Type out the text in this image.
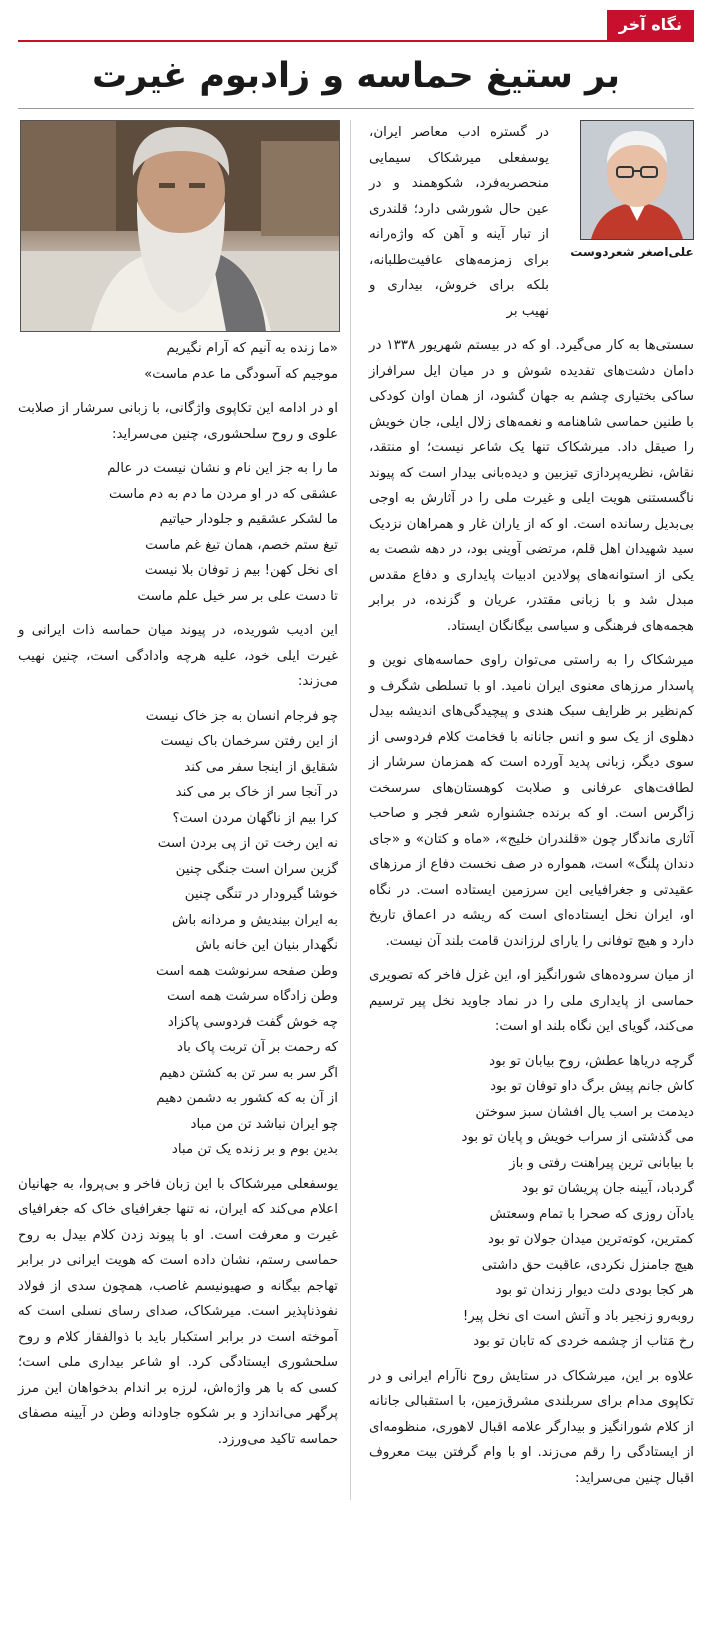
نگاه آخر
بر ستیغ حماسه و زادبوم غیرت
علی‌اصغر شعردوست

در گستره ادب معاصر ایران، یوسفعلی میرشکاک سیمایی منحصربه‌فرد، شکوهمند و در عین حال شورشی دارد؛ قلندری از تبار آینه و آهن که واژه‌رانه برای زمزمه‌های عافیت‌طلبانه، بلکه برای خروش، بیداری و نهیب بر

سستی‌ها به کار می‌گیرد. او که در بیستم شهریور ۱۳۳۸ در دامان دشت‌های تفدیده شوش و در میان ایل سرافراز ساکی بختیاری چشم به جهان گشود، از همان اوان کودکی با طنین حماسی شاهنامه و نغمه‌های زلال ایلی، جان خویش را صیقل داد. میرشکاک تنها یک شاعر نیست؛ او منتقد، نقاش، نظریه‌پردازی تیزبین و دیده‌بانی بیدار است که پیوند ناگسستنی هویت ایلی و غیرت ملی را در آثارش به اوجی بی‌بدیل رسانده است. او که از یاران غار و همراهان نزدیک سید شهیدان اهل قلم، مرتضی آوینی بود، در دهه شصت به یکی از استوانه‌های پولادین ادبیات پایداری و دفاع مقدس مبدل شد و با زبانی مقتدر، عریان و گزنده، در برابر هجمه‌های فرهنگی و سیاسی بیگانگان ایستاد.

میرشکاک را به راستی می‌توان راوی حماسه‌های نوین و پاسدار مرزهای معنوی ایران نامید. او با تسلطی شگرف و کم‌نظیر بر ظرایف سبک هندی و پیچیدگی‌های اندیشه بیدل دهلوی از یک سو و انس جانانه با فخامت کلام فردوسی از سوی دیگر، زبانی پدید آورده است که همزمان سرشار از لطافت‌های عرفانی و صلابت کوهستان‌های سرسخت زاگرس است. او که برنده جشنواره شعر فجر و صاحب آثاری ماندگار چون «قلندران خلیج»، «ماه و کتان» و «جای دندان پلنگ» است، همواره در صف نخست دفاع از مرزهای عقیدتی و جغرافیایی این سرزمین ایستاده است. در نگاه او، ایران نخل ایستاده‌ای است که ریشه در اعماق تاریخ دارد و هیچ توفانی را یارای لرزاندن قامت بلند آن نیست.

از میان سروده‌های شورانگیز او، این غزل فاخر که تصویری حماسی از پایداری ملی را در نماد جاوید نخل پیر ترسیم می‌کند، گویای این نگاه بلند او است:

گرچه دریاها عطش، روح بیابان تو بود
کاش جانم پیش برگ داو توفان تو بود
دیدمت بر اسب یال افشان سبز سوختن
می گذشتی از سراب خویش و پایان تو بود
با بیابانی ترین پیراهنت رفتی و باز
گردباد، آیینه جان پریشان تو بود
یادآن روزی که صحرا با تمام وسعتش
کمترین، کوته‌ترین میدان جولان تو بود
هیچ جامنزل نکردی، عاقبت حق داشتی
هر کجا بودی دلت دیوار زندان تو بود
روبه‌رو زنجیر باد و آتش است ای نخل پیر!
رخ مَتاب از چشمه خردی که تابان تو بود

علاوه بر این، میرشکاک در ستایش روح ناآرام ایرانی و در تکاپوی مدام برای سربلندی مشرق‌زمین، با استقبالی جانانه از کلام شورانگیز و بیدارگر علامه اقبال لاهوری، منظومه‌ای از ایستادگی را رقم می‌زند. او با وام گرفتن بیت معروف اقبال چنین می‌سراید:

«ما زنده به آنیم که آرام نگیریم
موجیم که آسودگی ما عدم ماست»

او در ادامه این تکاپوی واژگانی، با زبانی سرشار از صلابت علوی و روح سلحشوری، چنین می‌سراید:

ما را به جز این نام و نشان نیست در عالم
عشقی که در او مردن ما دم به دم ماست
ما لشکر عشقیم و جلودار حیاتیم
تیغ ستم خصم، همان تیغ غم ماست
ای نخل کهن! بیم ز توفان بلا نیست
تا دست علی بر سر خیل علم ماست

این ادیب شوریده، در پیوند میان حماسه ذات ایرانی و غیرت ایلی خود، علیه هرچه وادادگی است، چنین نهیب می‌زند:

چو فرجام انسان به جز خاک نیست
از این رفتن سرخمان باک نیست
شقایق از اینجا سفر می کند
در آنجا سر از خاک بر می کند
کرا بیم از ناگهان مردن است؟
نه این رخت تن از پی بردن است
گزین سران است جنگی چنین
خوشا گیرودار در تنگی چنین
به ایران بیندیش و مردانه باش
نگهدار بنیان این خانه باش
وطن صفحه سرنوشت همه است
وطن زادگاه سرشت همه است
چه خوش گفت فردوسی پاکزاد
که رحمت بر آن تربت پاک باد
اگر سر به سر تن به کشتن دهیم
از آن به که کشور به دشمن دهیم
چو ایران نباشد تن من مباد
بدین بوم و بر زنده یک تن مباد

یوسفعلی میرشکاک با این زبان فاخر و بی‌پروا، به جهانیان اعلام می‌کند که ایران، نه تنها جغرافیای خاک که جغرافیای غیرت و معرفت است. او با پیوند زدن کلام بیدل به روح حماسی رستم، نشان داده است که هویت ایرانی در برابر تهاجم بیگانه و صهیونیسم غاصب، همچون سدی از فولاد نفوذناپذیر است. میرشکاک، صدای رسای نسلی است که آموخته است در برابر استکبار باید با ذوالفقار کلام و روح سلحشوری ایستادگی کرد. او شاعر بیداری ملی است؛ کسی که با هر واژه‌اش، لرزه بر اندام بدخواهان این مرز پرگهر می‌اندازد و بر شکوه جاودانه وطن در آیینه مصفای حماسه تاکید می‌ورزد.
